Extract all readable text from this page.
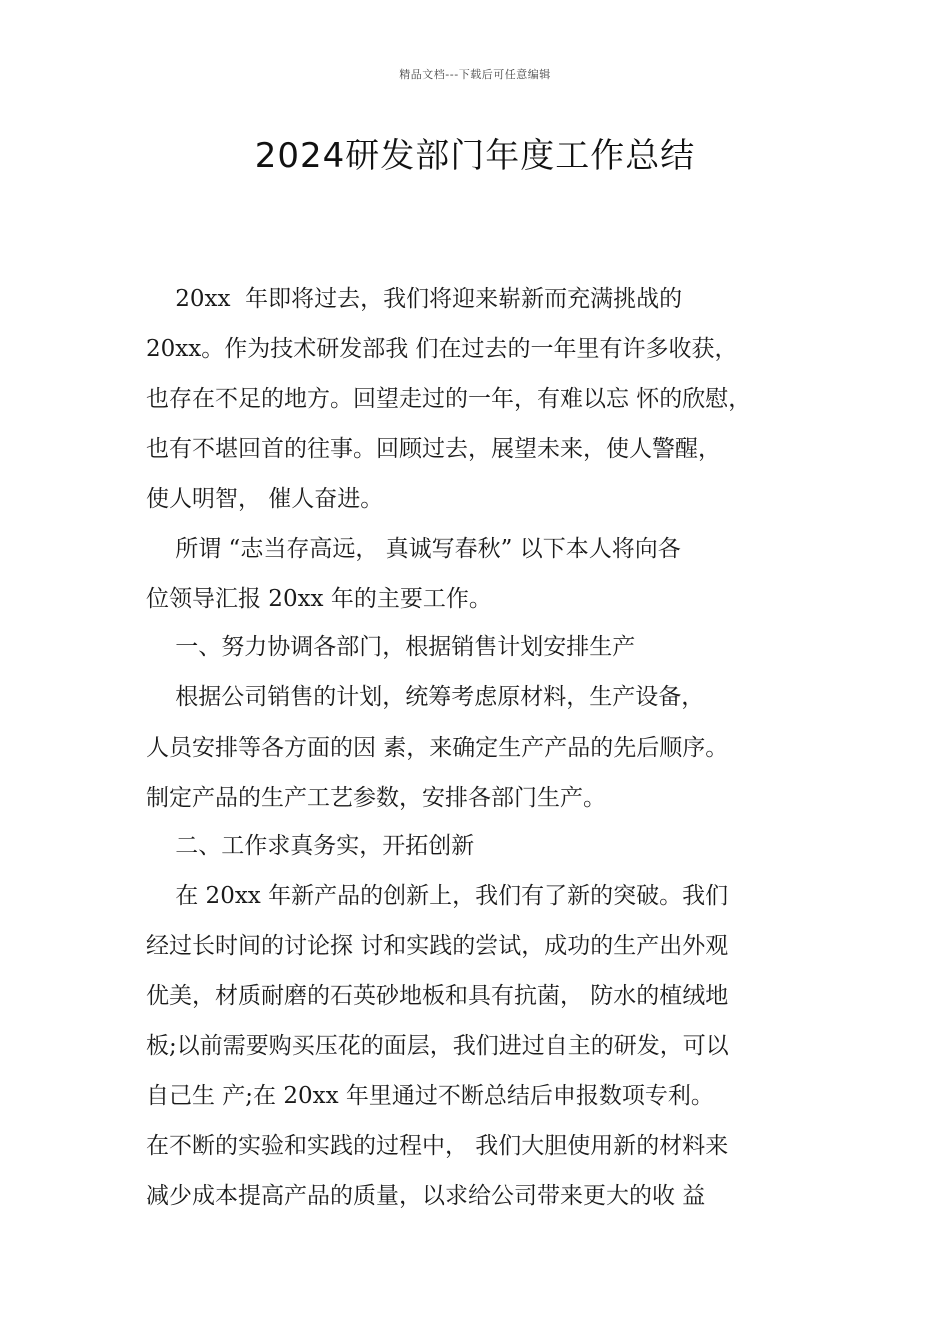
精品文档---下载后可任意编辑
2024研发部门年度工作总结
20xx  年即将过去，我们将迎来崭新而充满挑战的
20xx。作为技术研发部我 们在过去的一年里有许多收获，
也存在不足的地方。回望走过的一年，有难以忘 怀的欣慰，
也有不堪回首的往事。回顾过去，展望未来，使人警醒，
使人明智， 催人奋进。
所谓 “志当存高远， 真诚写春秋” 以下本人将向各
位领导汇报 20xx 年的主要工作。
一、努力协调各部门，根据销售计划安排生产
根据公司销售的计划，统筹考虑原材料，生产设备，
人员安排等各方面的因 素，来确定生产产品的先后顺序。
制定产品的生产工艺参数，安排各部门生产。
二、工作求真务实，开拓创新
在 20xx 年新产品的创新上，我们有了新的突破。我们
经过长时间的讨论探 讨和实践的尝试，成功的生产出外观
优美，材质耐磨的石英砂地板和具有抗菌， 防水的植绒地
板;以前需要购买压花的面层，我们进过自主的研发，可以
自己生 产;在 20xx 年里通过不断总结后申报数项专利。
在不断的实验和实践的过程中， 我们大胆使用新的材料来
减少成本提高产品的质量，以求给公司带来更大的收 益
